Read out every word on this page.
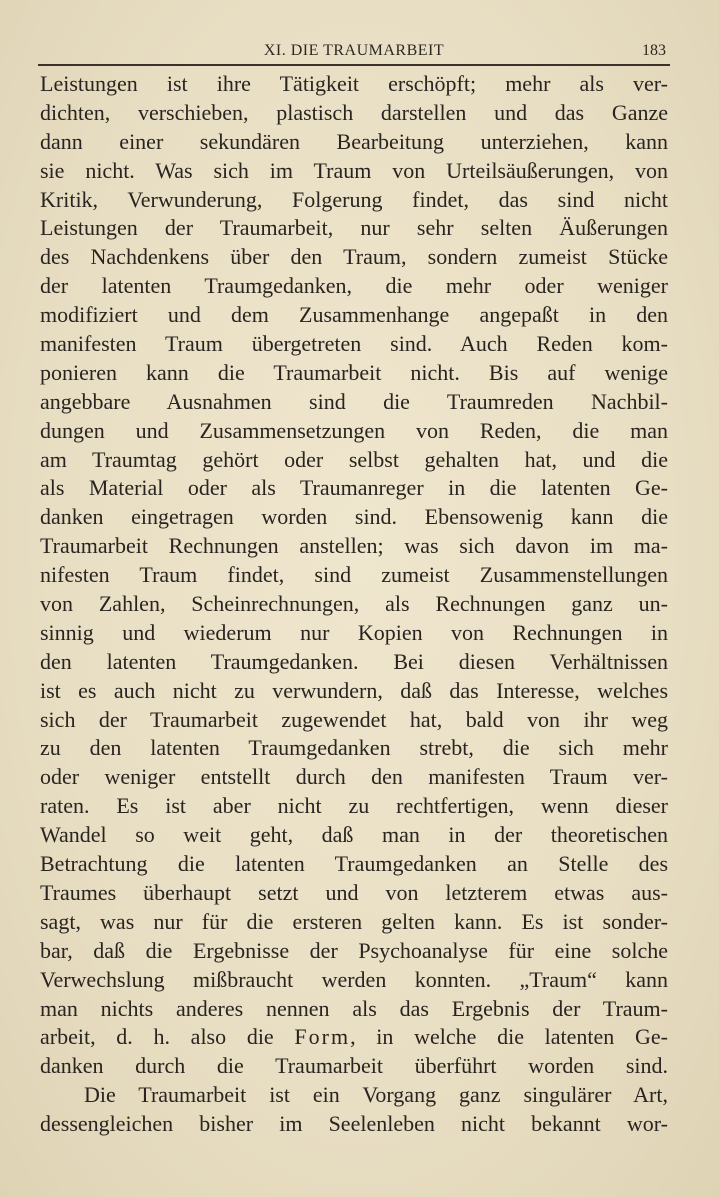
XI. DIE TRAUMARBEIT	183
Leistungen ist ihre Tätigkeit erschöpft; mehr als ver-
dichten, verschieben, plastisch darstellen und das Ganze
dann einer sekundären Bearbeitung unterziehen, kann
sie nicht. Was sich im Traum von Urteilsäußerungen, von
Kritik, Verwunderung, Folgerung findet, das sind nicht
Leistungen der Traumarbeit, nur sehr selten Äußerungen
des Nachdenkens über den Traum, sondern zumeist Stücke
der latenten Traumgedanken, die mehr oder weniger
modifiziert und dem Zusammenhange angepaßt in den
manifesten Traum übergetreten sind. Auch Reden kom-
ponieren kann die Traumarbeit nicht. Bis auf wenige
angebbare Ausnahmen sind die Traumreden Nachbil-
dungen und Zusammensetzungen von Reden, die man
am Traumtag gehört oder selbst gehalten hat, und die
als Material oder als Traumanreger in die latenten Ge-
danken eingetragen worden sind. Ebensowenig kann die
Traumarbeit Rechnungen anstellen; was sich davon im ma-
nifesten Traum findet, sind zumeist Zusammenstellungen
von Zahlen, Scheinrechnungen, als Rechnungen ganz un-
sinnig und wiederum nur Kopien von Rechnungen in
den latenten Traumgedanken. Bei diesen Verhältnissen
ist es auch nicht zu verwundern, daß das Interesse, welches
sich der Traumarbeit zugewendet hat, bald von ihr weg
zu den latenten Traumgedanken strebt, die sich mehr
oder weniger entstellt durch den manifesten Traum ver-
raten. Es ist aber nicht zu rechtfertigen, wenn dieser
Wandel so weit geht, daß man in der theoretischen
Betrachtung die latenten Traumgedanken an Stelle des
Traumes überhaupt setzt und von letzterem etwas aus-
sagt, was nur für die ersteren gelten kann. Es ist sonder-
bar, daß die Ergebnisse der Psychoanalyse für eine solche
Verwechslung mißbraucht werden konnten. „Traum“ kann
man nichts anderes nennen als das Ergebnis der Traum-
arbeit, d. h. also die Form, in welche die latenten Ge-
danken durch die Traumarbeit überführt worden sind.
Die Traumarbeit ist ein Vorgang ganz singulärer Art,
dessengleichen bisher im Seelenleben nicht bekannt wor-
